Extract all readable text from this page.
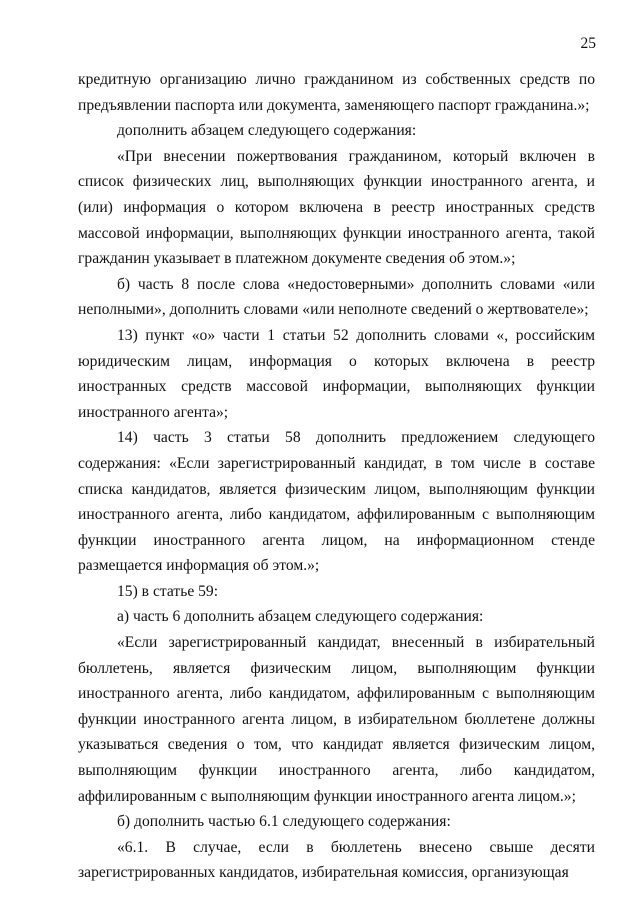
25

кредитную организацию лично гражданином из собственных средств по предъявлении паспорта или документа, заменяющего паспорт гражданина.»;

дополнить абзацем следующего содержания:

«При внесении пожертвования гражданином, который включен в список физических лиц, выполняющих функции иностранного агента, и (или) информация о котором включена в реестр иностранных средств массовой информации, выполняющих функции иностранного агента, такой гражданин указывает в платежном документе сведения об этом.»;

б) часть 8 после слова «недостоверными» дополнить словами «или неполными», дополнить словами «или неполноте сведений о жертвователе»;

13) пункт «о» части 1 статьи 52 дополнить словами «, российским юридическим лицам, информация о которых включена в реестр иностранных средств массовой информации, выполняющих функции иностранного агента»;

14) часть 3 статьи 58 дополнить предложением следующего содержания: «Если зарегистрированный кандидат, в том числе в составе списка кандидатов, является физическим лицом, выполняющим функции иностранного агента, либо кандидатом, аффилированным с выполняющим функции иностранного агента лицом, на информационном стенде размещается информация об этом.»;

15) в статье 59:

а) часть 6 дополнить абзацем следующего содержания:

«Если зарегистрированный кандидат, внесенный в избирательный бюллетень, является физическим лицом, выполняющим функции иностранного агента, либо кандидатом, аффилированным с выполняющим функции иностранного агента лицом, в избирательном бюллетене должны указываться сведения о том, что кандидат является физическим лицом, выполняющим функции иностранного агента, либо кандидатом, аффилированным с выполняющим функции иностранного агента лицом.»;

б) дополнить частью 6.1 следующего содержания:

«6.1. В случае, если в бюллетень внесено свыше десяти зарегистрированных кандидатов, избирательная комиссия, организующая
